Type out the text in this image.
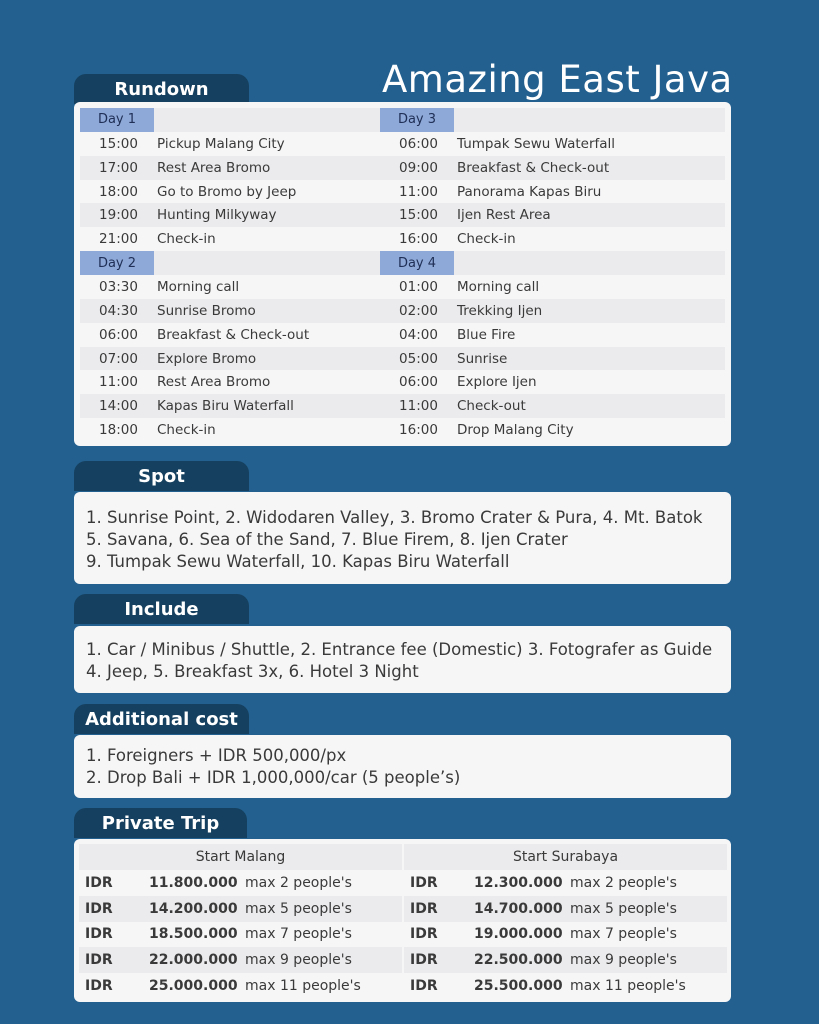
Amazing East Java
Rundown
Day 1
15:00	Pickup Malang City
17:00	Rest Area Bromo
18:00	Go to Bromo by Jeep
19:00	Hunting Milkyway
21:00	Check-in
Day 2
03:30	Morning call
04:30	Sunrise Bromo
06:00	Breakfast & Check-out
07:00	Explore Bromo
11:00	Rest Area Bromo
14:00	Kapas Biru Waterfall
18:00	Check-in
Day 3
06:00	Tumpak Sewu Waterfall
09:00	Breakfast & Check-out
11:00	Panorama Kapas Biru
15:00	Ijen Rest Area
16:00	Check-in
Day 4
01:00	Morning call
02:00	Trekking Ijen
04:00	Blue Fire
05:00	Sunrise
06:00	Explore Ijen
11:00	Check-out
16:00	Drop Malang City
Spot
1. Sunrise Point, 2. Widodaren Valley, 3. Bromo Crater & Pura, 4. Mt. Batok
5. Savana, 6. Sea of the Sand, 7. Blue Firem, 8. Ijen Crater
9. Tumpak Sewu Waterfall, 10. Kapas Biru Waterfall
Include
1. Car / Minibus / Shuttle, 2. Entrance fee (Domestic) 3. Fotografer as Guide
4. Jeep, 5. Breakfast 3x, 6. Hotel 3 Night
Additional cost
1. Foreigners + IDR 500,000/px
2. Drop Bali + IDR 1,000,000/car (5 people’s)
Private Trip
Start Malang
IDR	11.800.000 max 2 people's
IDR	14.200.000 max 5 people's
IDR	18.500.000 max 7 people's
IDR	22.000.000 max 9 people's
IDR	25.000.000 max 11 people's
Start Surabaya
IDR	12.300.000 max 2 people's
IDR	14.700.000 max 5 people's
IDR	19.000.000 max 7 people's
IDR	22.500.000 max 9 people's
IDR	25.500.000 max 11 people's
